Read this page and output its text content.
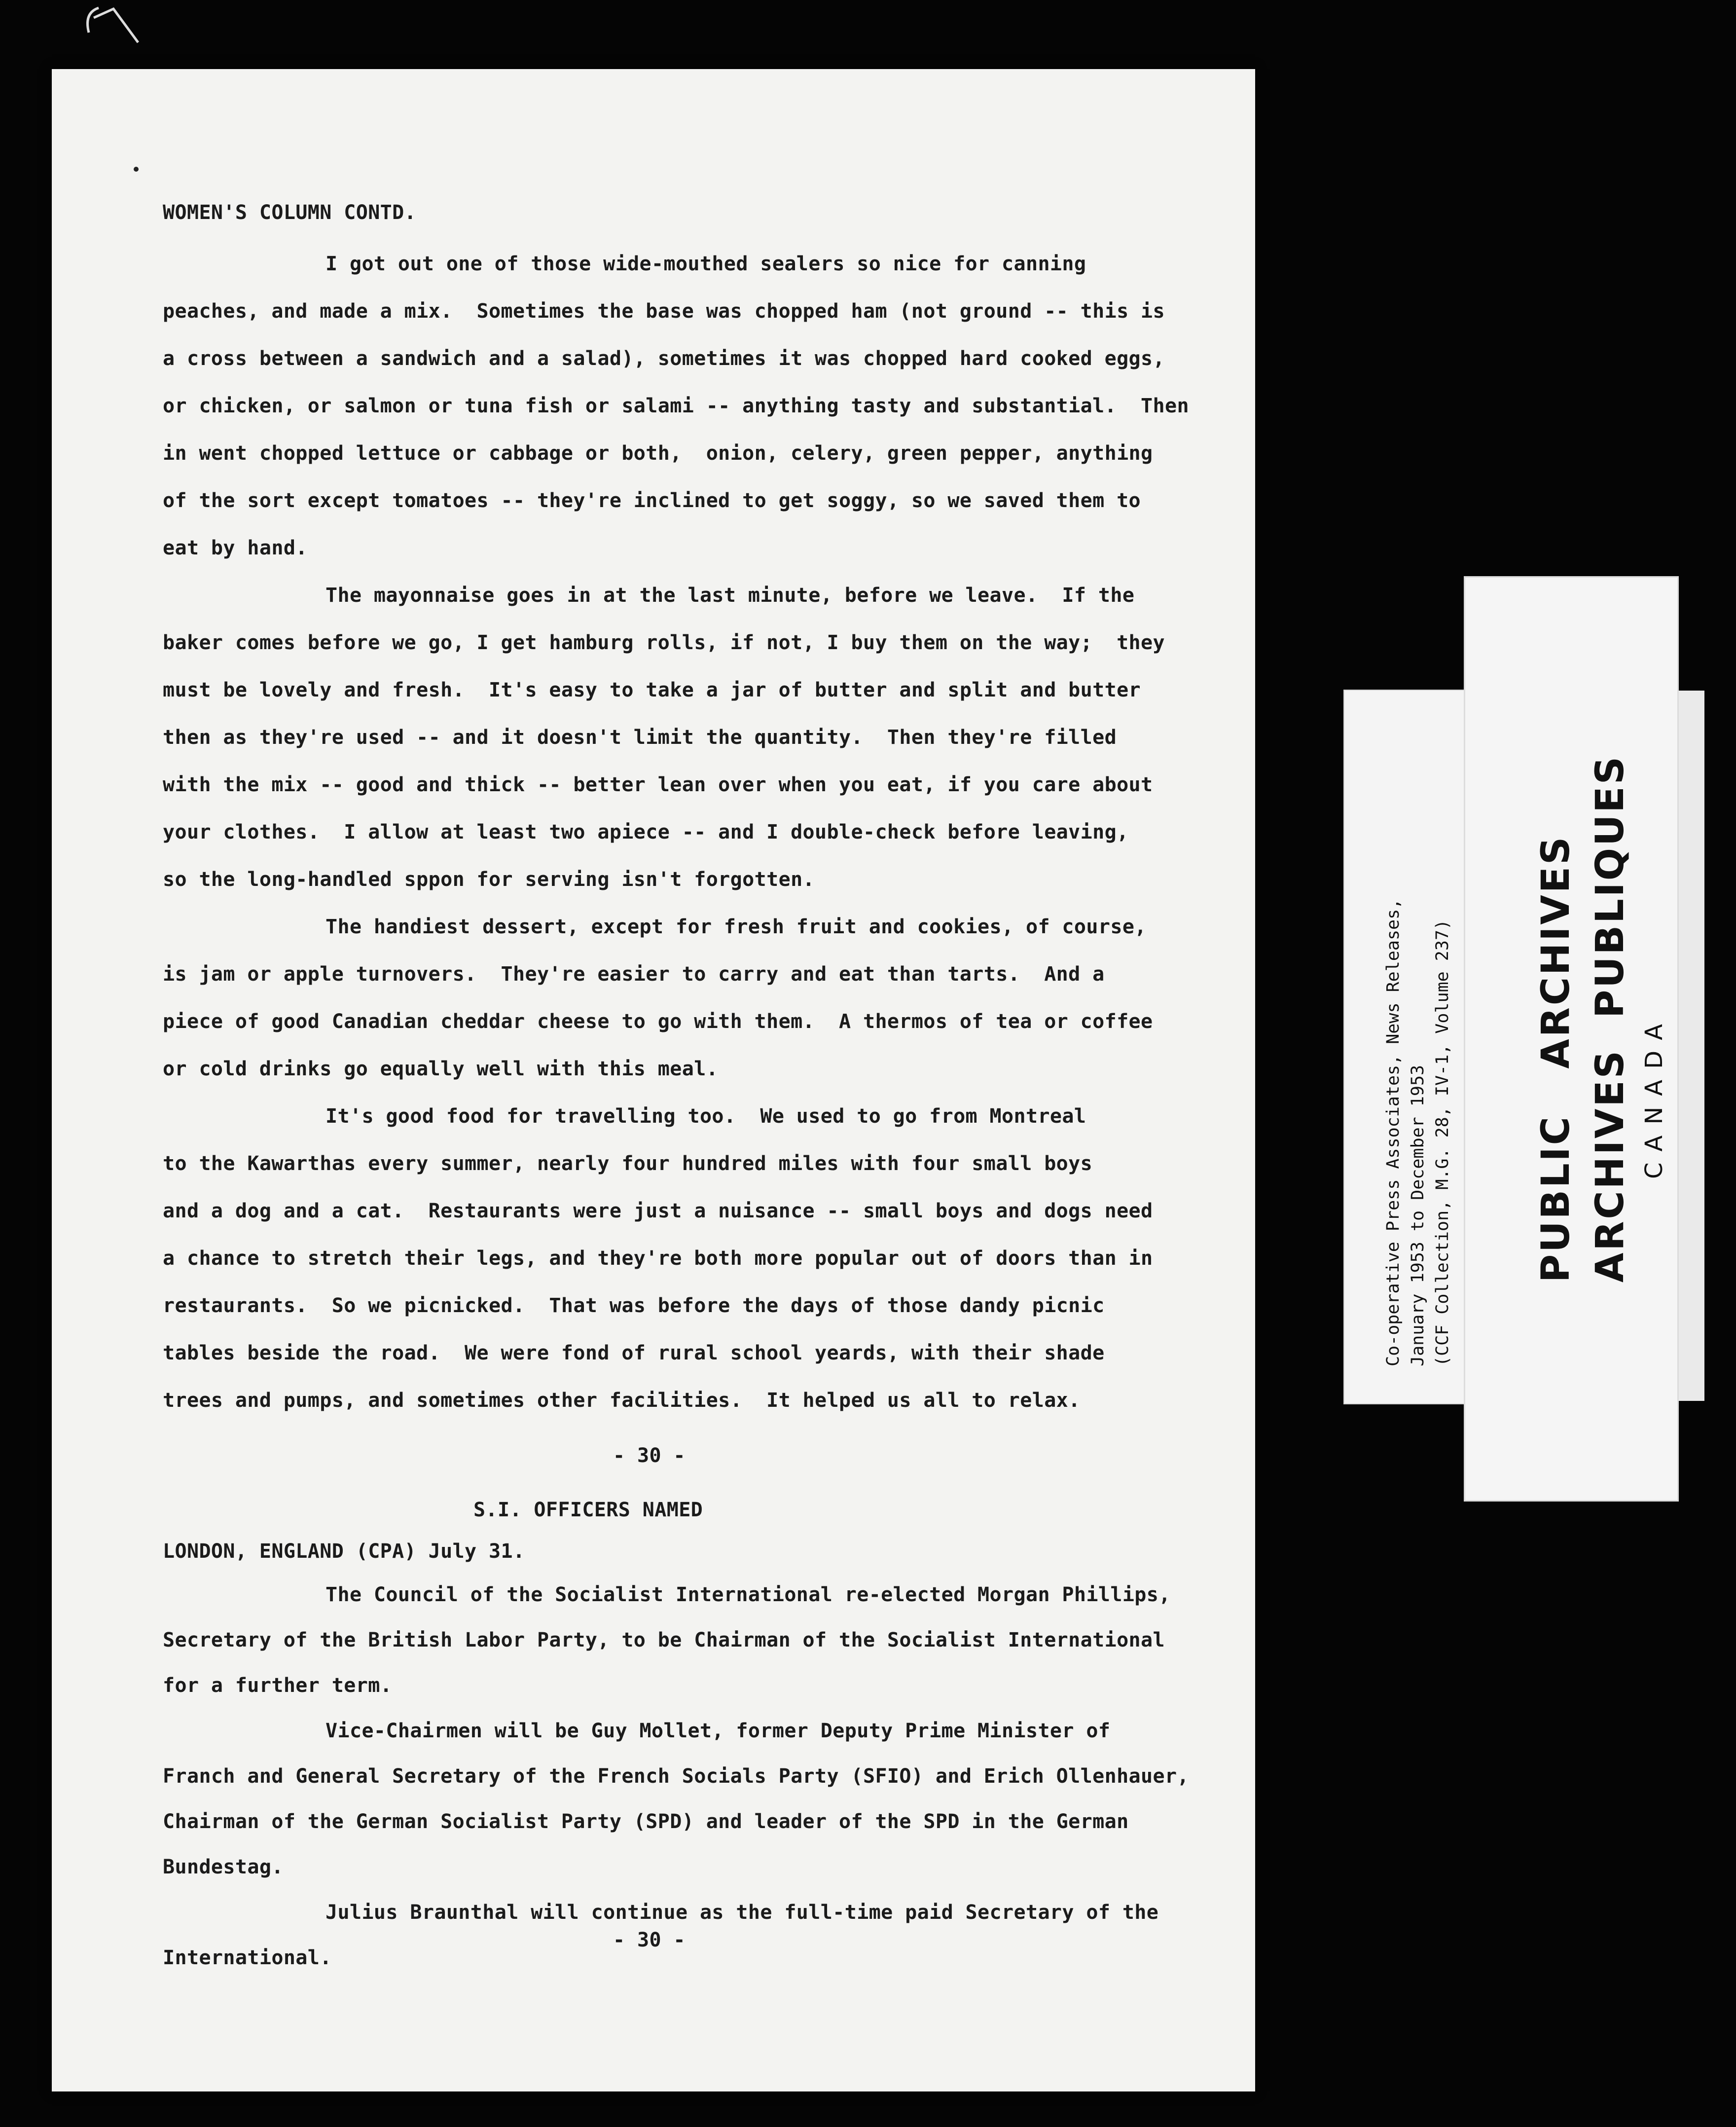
Co-operative Press Associates, News Releases, January 1953 to December 1953 (CCF Collection, M.G. 28, IV-1, Volume 237) PUBLIC   ARCHIVES ARCHIVES  PUBLIQUES CANADA
WOMEN'S COLUMN CONTD.
I got out one of those wide-mouthed sealers so nice for canning
peaches, and made a mix.  Sometimes the base was chopped ham (not ground -- this is
a cross between a sandwich and a salad), sometimes it was chopped hard cooked eggs,
or chicken, or salmon or tuna fish or salami -- anything tasty and substantial.  Then
in went chopped lettuce or cabbage or both,  onion, celery, green pepper, anything
of the sort except tomatoes -- they're inclined to get soggy, so we saved them to
eat by hand.
The mayonnaise goes in at the last minute, before we leave.  If the
baker comes before we go, I get hamburg rolls, if not, I buy them on the way;  they
must be lovely and fresh.  It's easy to take a jar of butter and split and butter
then as they're used -- and it doesn't limit the quantity.  Then they're filled
with the mix -- good and thick -- better lean over when you eat, if you care about
your clothes.  I allow at least two apiece -- and I double-check before leaving,
so the long-handled sppon for serving isn't forgotten.
The handiest dessert, except for fresh fruit and cookies, of course,
is jam or apple turnovers.  They're easier to carry and eat than tarts.  And a
piece of good Canadian cheddar cheese to go with them.  A thermos of tea or coffee
or cold drinks go equally well with this meal.
It's good food for travelling too.  We used to go from Montreal
to the Kawarthas every summer, nearly four hundred miles with four small boys
and a dog and a cat.  Restaurants were just a nuisance -- small boys and dogs need
a chance to stretch their legs, and they're both more popular out of doors than in
restaurants.  So we picnicked.  That was before the days of those dandy picnic
tables beside the road.  We were fond of rural school yeards, with their shade
trees and pumps, and sometimes other facilities.  It helped us all to relax.
- 30 -
S.I. OFFICERS NAMED
LONDON, ENGLAND (CPA) July 31.
The Council of the Socialist International re-elected Morgan Phillips,
Secretary of the British Labor Party, to be Chairman of the Socialist International
for a further term.
Vice-Chairmen will be Guy Mollet, former Deputy Prime Minister of
Franch and General Secretary of the French Socials Party (SFIO) and Erich Ollenhauer,
Chairman of the German Socialist Party (SPD) and leader of the SPD in the German
Bundestag.
Julius Braunthal will continue as the full-time paid Secretary of the
International.
- 30 -
